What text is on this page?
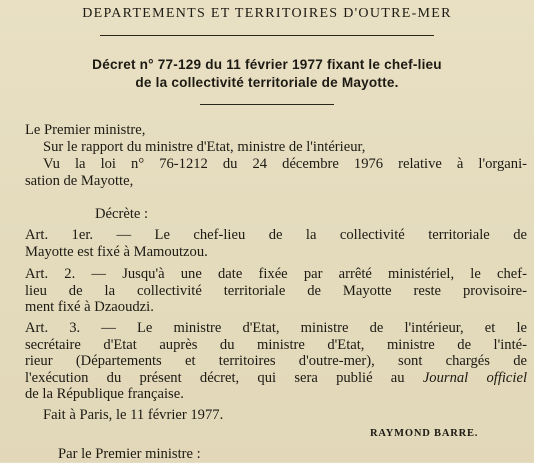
DEPARTEMENTS ET TERRITOIRES D'OUTRE-MER
Décret n° 77-129 du 11 février 1977 fixant le chef-lieu
de la collectivité territoriale de Mayotte.
Le Premier ministre,
Sur le rapport du ministre d'Etat, ministre de l'intérieur,
Vu la loi n° 76-1212 du 24 décembre 1976 relative à l'organi-
sation de Mayotte,
Décrète :
Art. 1er. — Le chef-lieu de la collectivité territoriale de
Mayotte est fixé à Mamoutzou.
Art. 2. — Jusqu'à une date fixée par arrêté ministériel, le chef-
lieu de la collectivité territoriale de Mayotte reste provisoire-
ment fixé à Dzaoudzi.
Art. 3. — Le ministre d'Etat, ministre de l'intérieur, et le
secrétaire d'Etat auprès du ministre d'Etat, ministre de l'inté-
rieur (Départements et territoires d'outre-mer), sont chargés de
l'exécution du présent décret, qui sera publié au Journal officiel
de la République française.
Fait à Paris, le 11 février 1977.
RAYMOND BARRE.
Par le Premier ministre :
